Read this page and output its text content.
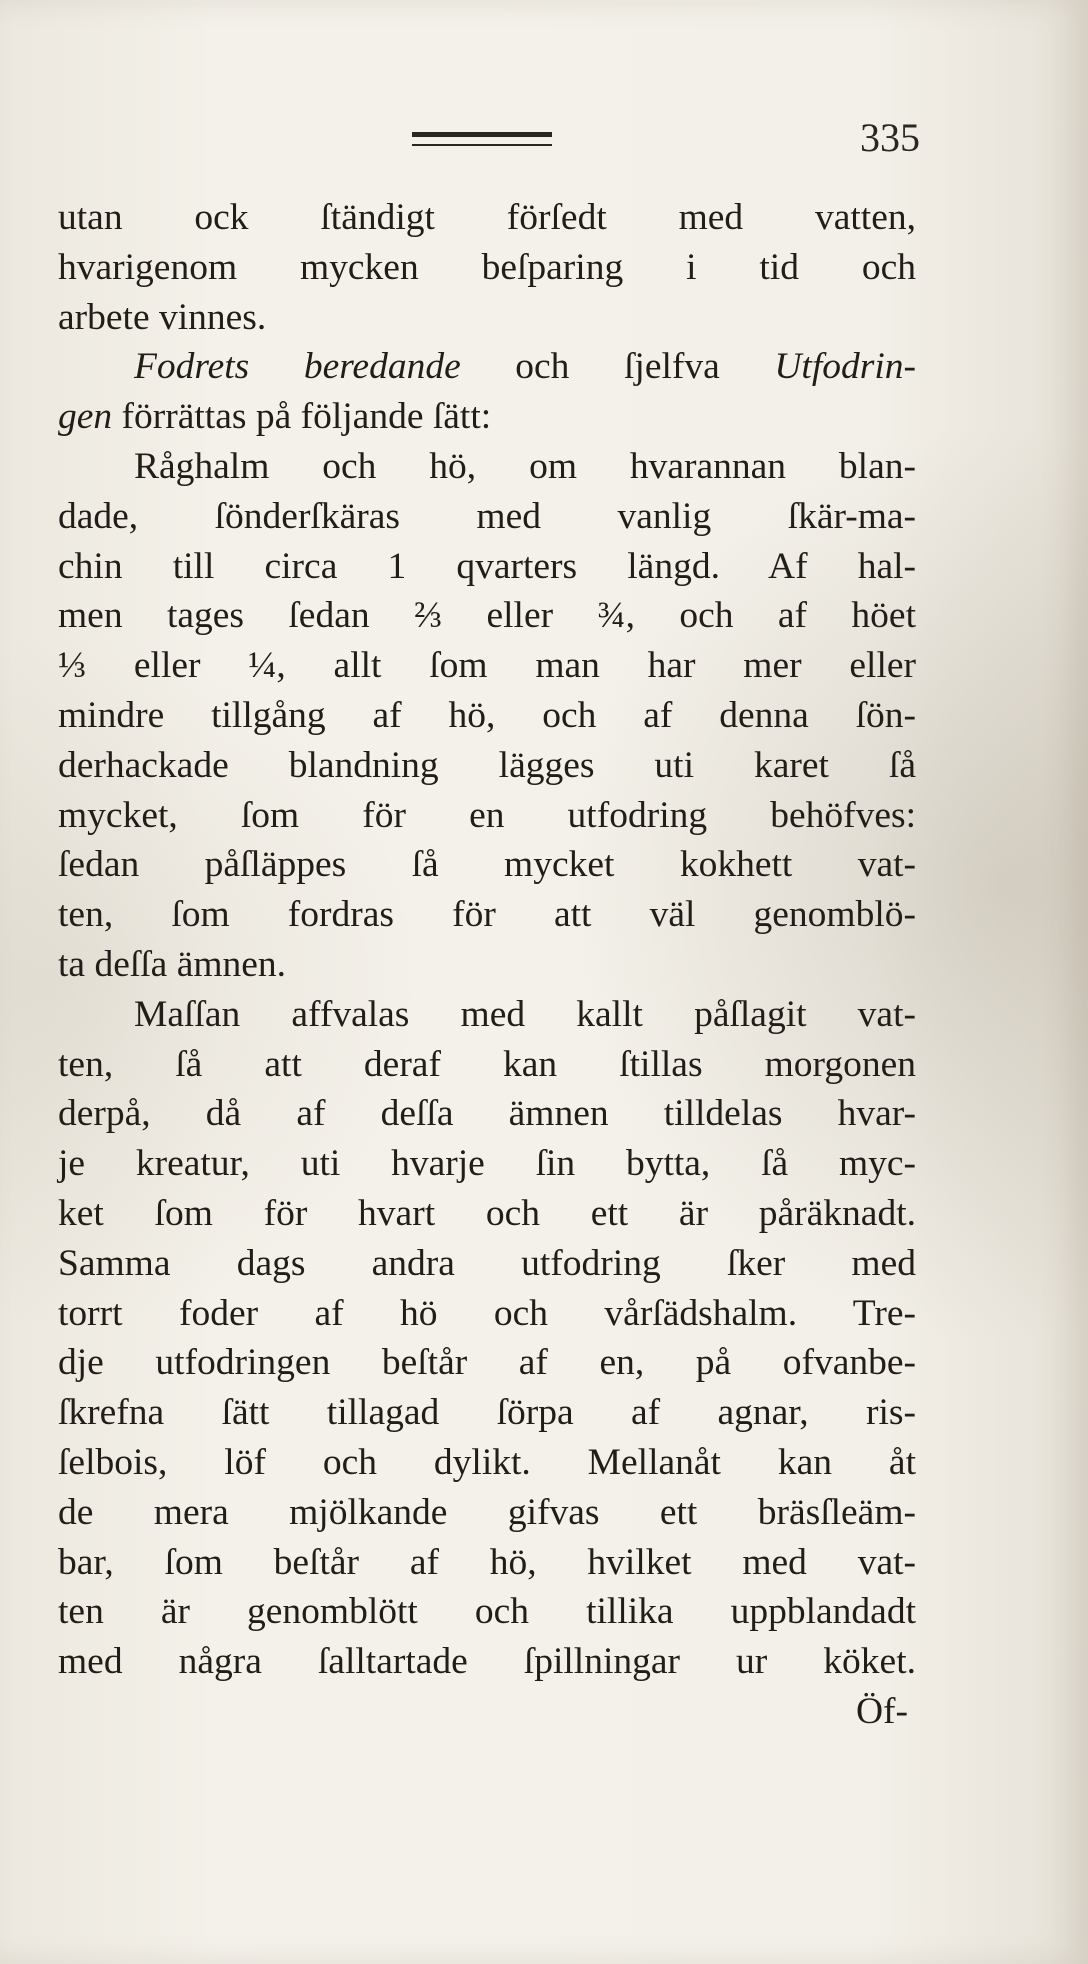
335
utan ock ſtändigt förſedt med vatten,
hvarigenom mycken beſparing i tid och
arbete vinnes.
Fodrets beredande och ſjelfva Utfodrin-
gen förrättas på följande ſätt:
Råghalm och hö, om hvarannan blan-
dade, ſönderſkäras med vanlig ſkär-ma-
chin till circa 1 qvarters längd. Af hal-
men tages ſedan ⅔ eller ¾, och af höet
⅓ eller ¼, allt ſom man har mer eller
mindre tillgång af hö, och af denna ſön-
derhackade blandning lägges uti karet ſå
mycket, ſom för en utfodring behöfves:
ſedan påſläppes ſå mycket kokhett vat-
ten, ſom fordras för att väl genomblö-
ta deſſa ämnen.
Maſſan affvalas med kallt påſlagit vat-
ten, ſå att deraf kan ſtillas morgonen
derpå, då af deſſa ämnen tilldelas hvar-
je kreatur, uti hvarje ſin bytta, ſå myc-
ket ſom för hvart och ett är påräknadt.
Samma dags andra utfodring ſker med
torrt foder af hö och vårſädshalm. Tre-
dje utfodringen beſtår af en, på ofvanbe-
ſkrefna ſätt tillagad ſörpa af agnar, ris-
ſelbois, löf och dylikt. Mellanåt kan åt
de mera mjölkande gifvas ett bräsſleäm-
bar, ſom beſtår af hö, hvilket med vat-
ten är genomblött och tillika uppblandadt
med några ſalltartade ſpillningar ur köket.
Öf-
